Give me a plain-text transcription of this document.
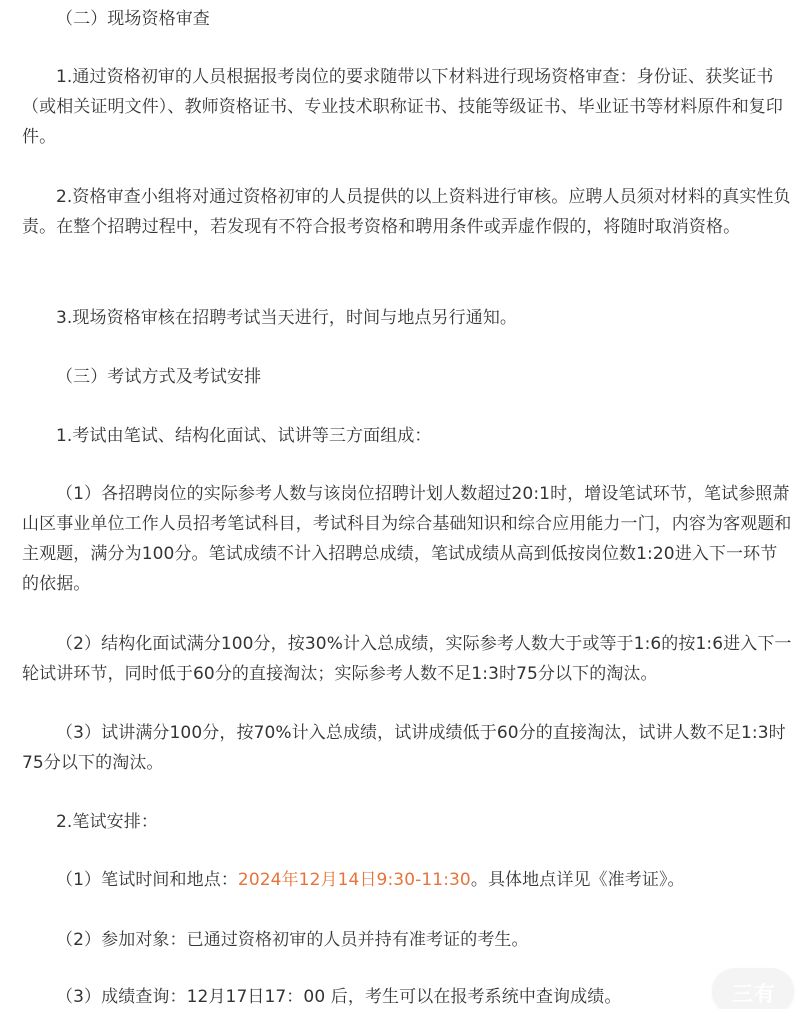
（二）现场资格审查

1.通过资格初审的人员根据报考岗位的要求随带以下材料进行现场资格审查：身份证、获奖证书（或相关证明文件）、教师资格证书、专业技术职称证书、技能等级证书、毕业证书等材料原件和复印件。

2.资格审查小组将对通过资格初审的人员提供的以上资料进行审核。应聘人员须对材料的真实性负责。在整个招聘过程中，若发现有不符合报考资格和聘用条件或弄虚作假的，将随时取消资格。

3.现场资格审核在招聘考试当天进行，时间与地点另行通知。

（三）考试方式及考试安排

1.考试由笔试、结构化面试、试讲等三方面组成：

（1）各招聘岗位的实际参考人数与该岗位招聘计划人数超过20:1时，增设笔试环节，笔试参照萧山区事业单位工作人员招考笔试科目，考试科目为综合基础知识和综合应用能力一门，内容为客观题和主观题，满分为100分。笔试成绩不计入招聘总成绩，笔试成绩从高到低按岗位数1:20进入下一环节的依据。

（2）结构化面试满分100分，按30%计入总成绩，实际参考人数大于或等于1:6的按1:6进入下一轮试讲环节，同时低于60分的直接淘汰；实际参考人数不足1:3时75分以下的淘汰。

（3）试讲满分100分，按70%计入总成绩，试讲成绩低于60分的直接淘汰，试讲人数不足1:3时75分以下的淘汰。

2.笔试安排：

（1）笔试时间和地点：2024年12月14日9:30-11:30。具体地点详见《准考证》。

（2）参加对象：已通过资格初审的人员并持有准考证的考生。

（3）成绩查询：12月17日17：00 后，考生可以在报考系统中查询成绩。	三有
